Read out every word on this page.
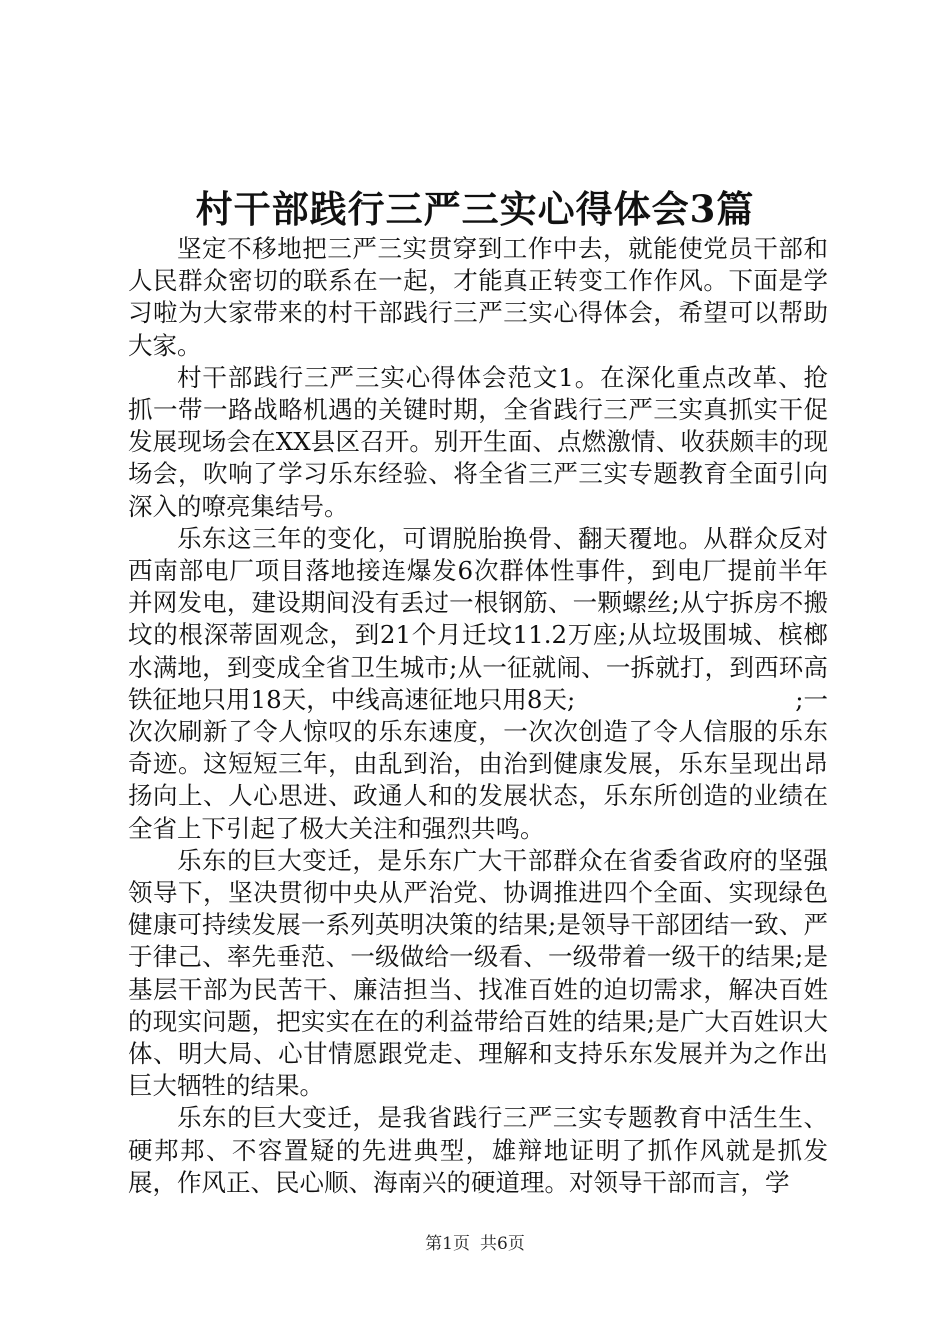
村干部践行三严三实心得体会3篇

坚定不移地把三严三实贯穿到工作中去，就能使党员干部和人民群众密切的联系在一起，才能真正转变工作作风。下面是学习啦为大家带来的村干部践行三严三实心得体会，希望可以帮助大家。

村干部践行三严三实心得体会范文1。在深化重点改革、抢抓一带一路战略机遇的关键时期，全省践行三严三实真抓实干促发展现场会在XX县区召开。别开生面、点燃激情、收获颇丰的现场会，吹响了学习乐东经验、将全省三严三实专题教育全面引向深入的嘹亮集结号。

乐东这三年的变化，可谓脱胎换骨、翻天覆地。从群众反对西南部电厂项目落地接连爆发6次群体性事件，到电厂提前半年并网发电，建设期间没有丢过一根钢筋、一颗螺丝;从宁拆房不搬坟的根深蒂固观念，到21个月迁坟11.2万座;从垃圾围城、槟榔水满地，到变成全省卫生城市;从一征就闹、一拆就打，到西环高铁征地只用18天，中线高速征地只用8天;	;一次次刷新了令人惊叹的乐东速度，一次次创造了令人信服的乐东奇迹。这短短三年，由乱到治，由治到健康发展，乐东呈现出昂扬向上、人心思进、政通人和的发展状态，乐东所创造的业绩在全省上下引起了极大关注和强烈共鸣。

乐东的巨大变迁，是乐东广大干部群众在省委省政府的坚强领导下，坚决贯彻中央从严治党、协调推进四个全面、实现绿色健康可持续发展一系列英明决策的结果;是领导干部团结一致、严于律己、率先垂范、一级做给一级看、一级带着一级干的结果;是基层干部为民苦干、廉洁担当、找准百姓的迫切需求，解决百姓的现实问题，把实实在在的利益带给百姓的结果;是广大百姓识大体、明大局、心甘情愿跟党走、理解和支持乐东发展并为之作出巨大牺牲的结果。

乐东的巨大变迁，是我省践行三严三实专题教育中活生生、硬邦邦、不容置疑的先进典型，雄辩地证明了抓作风就是抓发展，作风正、民心顺、海南兴的硬道理。对领导干部而言，学

第1页 共6页
